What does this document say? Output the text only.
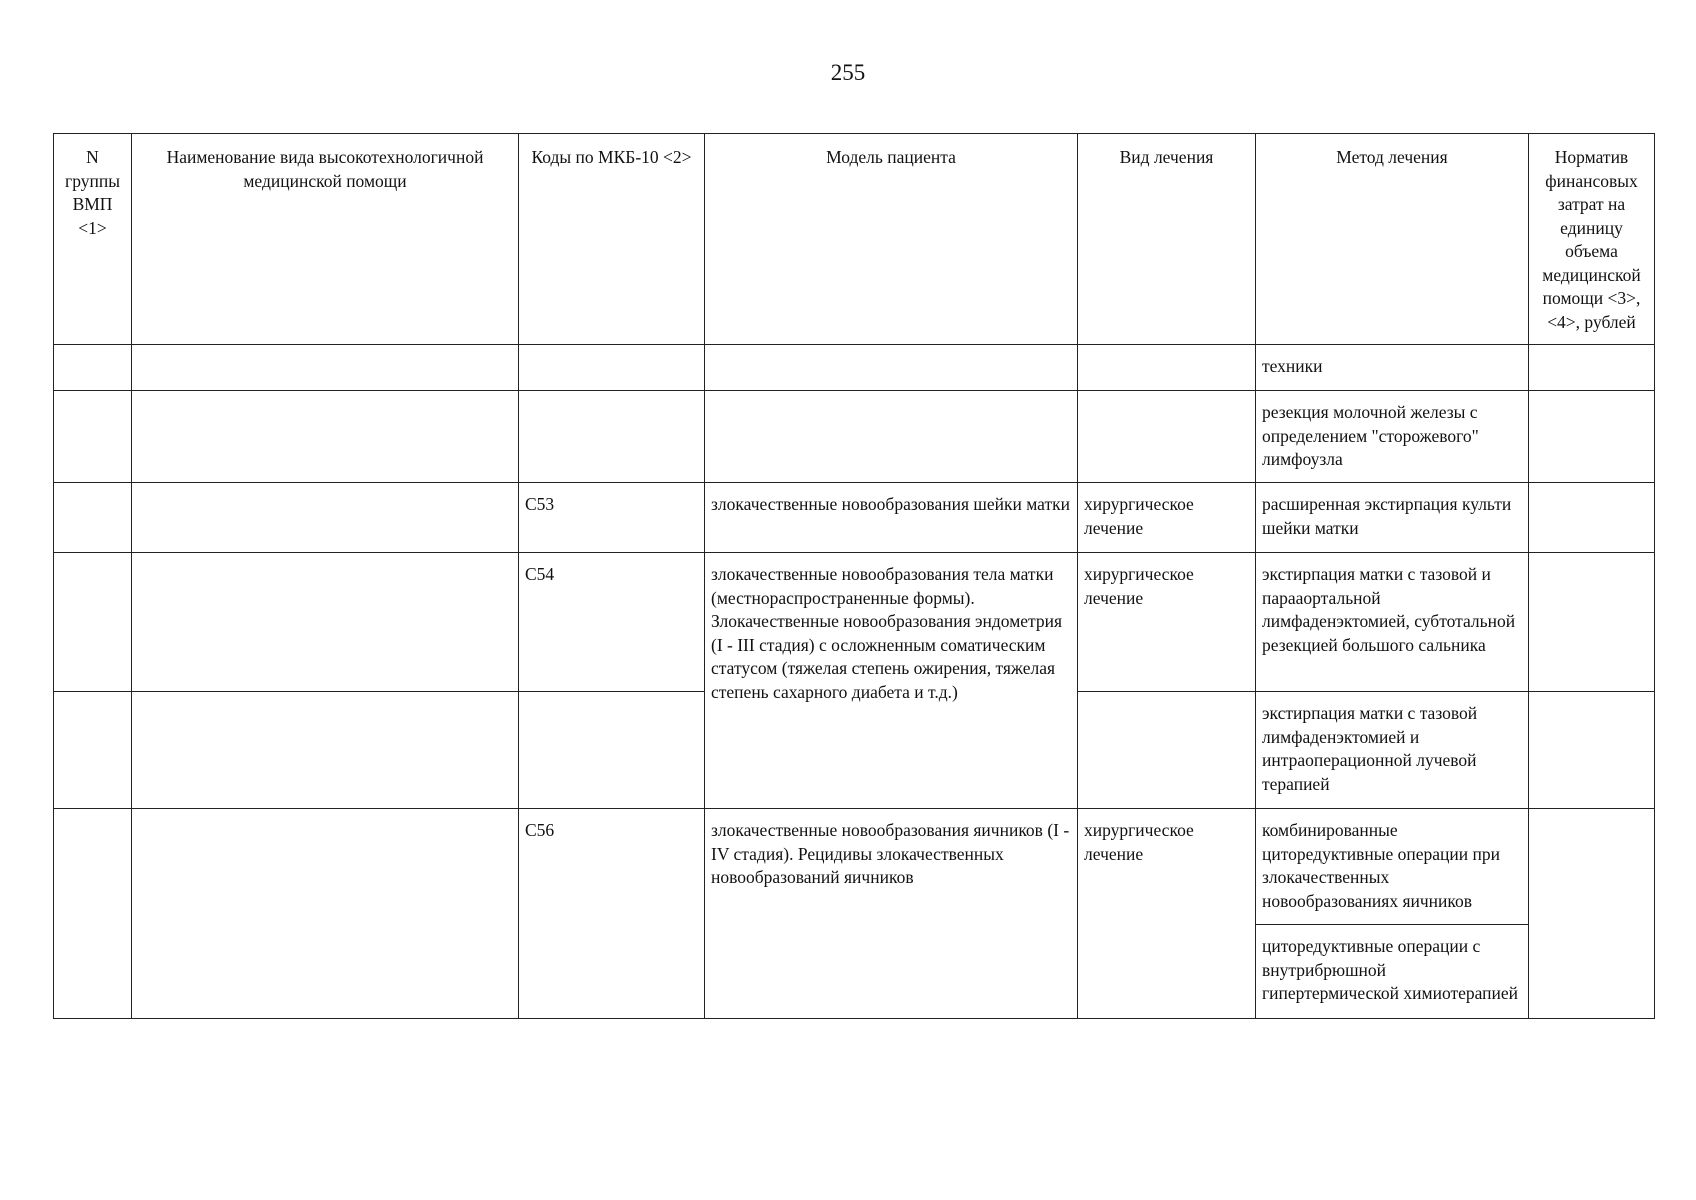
255
N группы ВМП <1>	Наименование вида высокотехнологичной медицинской помощи	Коды по МКБ-10 <2>	Модель пациента	Вид лечения	Метод лечения	Норматив финансовых затрат на единицу объема медицинской помощи <3>, <4>, рублей
					техники	
					резекция молочной железы с определением "сторожевого" лимфоузла	
		C53	злокачественные новообразования шейки матки	хирургическое лечение	расширенная экстирпация культи шейки матки	
		C54	злокачественные новообразования тела матки (местнораспространенные формы). Злокачественные новообразования эндометрия (I - III стадия) с осложненным соматическим статусом (тяжелая степень ожирения, тяжелая степень сахарного диабета и т.д.)	хирургическое лечение	экстирпация матки с тазовой и парааортальной лимфаденэктомией, субтотальной резекцией большого сальника	
					экстирпация матки с тазовой лимфаденэктомией и интраоперационной лучевой терапией	
		C56	злокачественные новообразования яичников (I - IV стадия). Рецидивы злокачественных новообразований яичников	хирургическое лечение	комбинированные циторедуктивные операции при злокачественных новообразованиях яичников	
					циторедуктивные операции с внутрибрюшной гипертермической химиотерапией	
